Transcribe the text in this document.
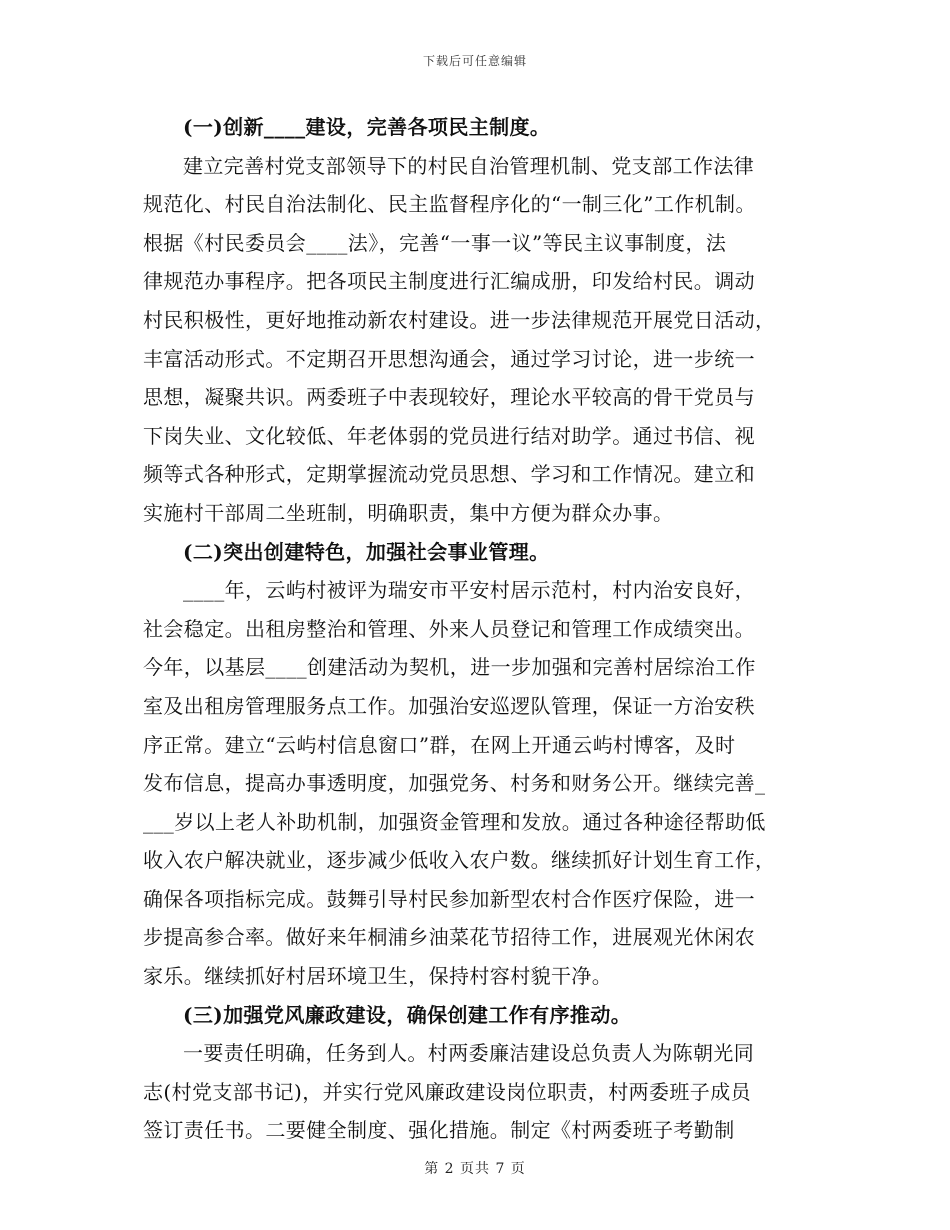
下载后可任意编辑

(一)创新____建设，完善各项民主制度。

建立完善村党支部领导下的村民自治管理机制、党支部工作法律

规范化、村民自治法制化、民主监督程序化的“一制三化”工作机制。

根据《村民委员会____法》，完善“一事一议”等民主议事制度，法

律规范办事程序。把各项民主制度进行汇编成册，印发给村民。调动

村民积极性，更好地推动新农村建设。进一步法律规范开展党日活动，

丰富活动形式。不定期召开思想沟通会，通过学习讨论，进一步统一

思想，凝聚共识。两委班子中表现较好，理论水平较高的骨干党员与

下岗失业、文化较低、年老体弱的党员进行结对助学。通过书信、视

频等式各种形式，定期掌握流动党员思想、学习和工作情况。建立和

实施村干部周二坐班制，明确职责，集中方便为群众办事。

(二)突出创建特色，加强社会事业管理。

____年，云屿村被评为瑞安市平安村居示范村，村内治安良好，

社会稳定。出租房整治和管理、外来人员登记和管理工作成绩突出。

今年，以基层____创建活动为契机，进一步加强和完善村居综治工作

室及出租房管理服务点工作。加强治安巡逻队管理，保证一方治安秩

序正常。建立“云屿村信息窗口”群，在网上开通云屿村博客，及时

发布信息，提高办事透明度，加强党务、村务和财务公开。继续完善_

___岁以上老人补助机制，加强资金管理和发放。通过各种途径帮助低

收入农户解决就业，逐步减少低收入农户数。继续抓好计划生育工作，

确保各项指标完成。鼓舞引导村民参加新型农村合作医疗保险，进一

步提高参合率。做好来年桐浦乡油菜花节招待工作，进展观光休闲农

家乐。继续抓好村居环境卫生，保持村容村貌干净。

(三)加强党风廉政建设，确保创建工作有序推动。

一要责任明确，任务到人。村两委廉洁建设总负责人为陈朝光同

志(村党支部书记)，并实行党风廉政建设岗位职责，村两委班子成员

签订责任书。二要健全制度、强化措施。制定《村两委班子考勤制

第 2 页共 7 页
